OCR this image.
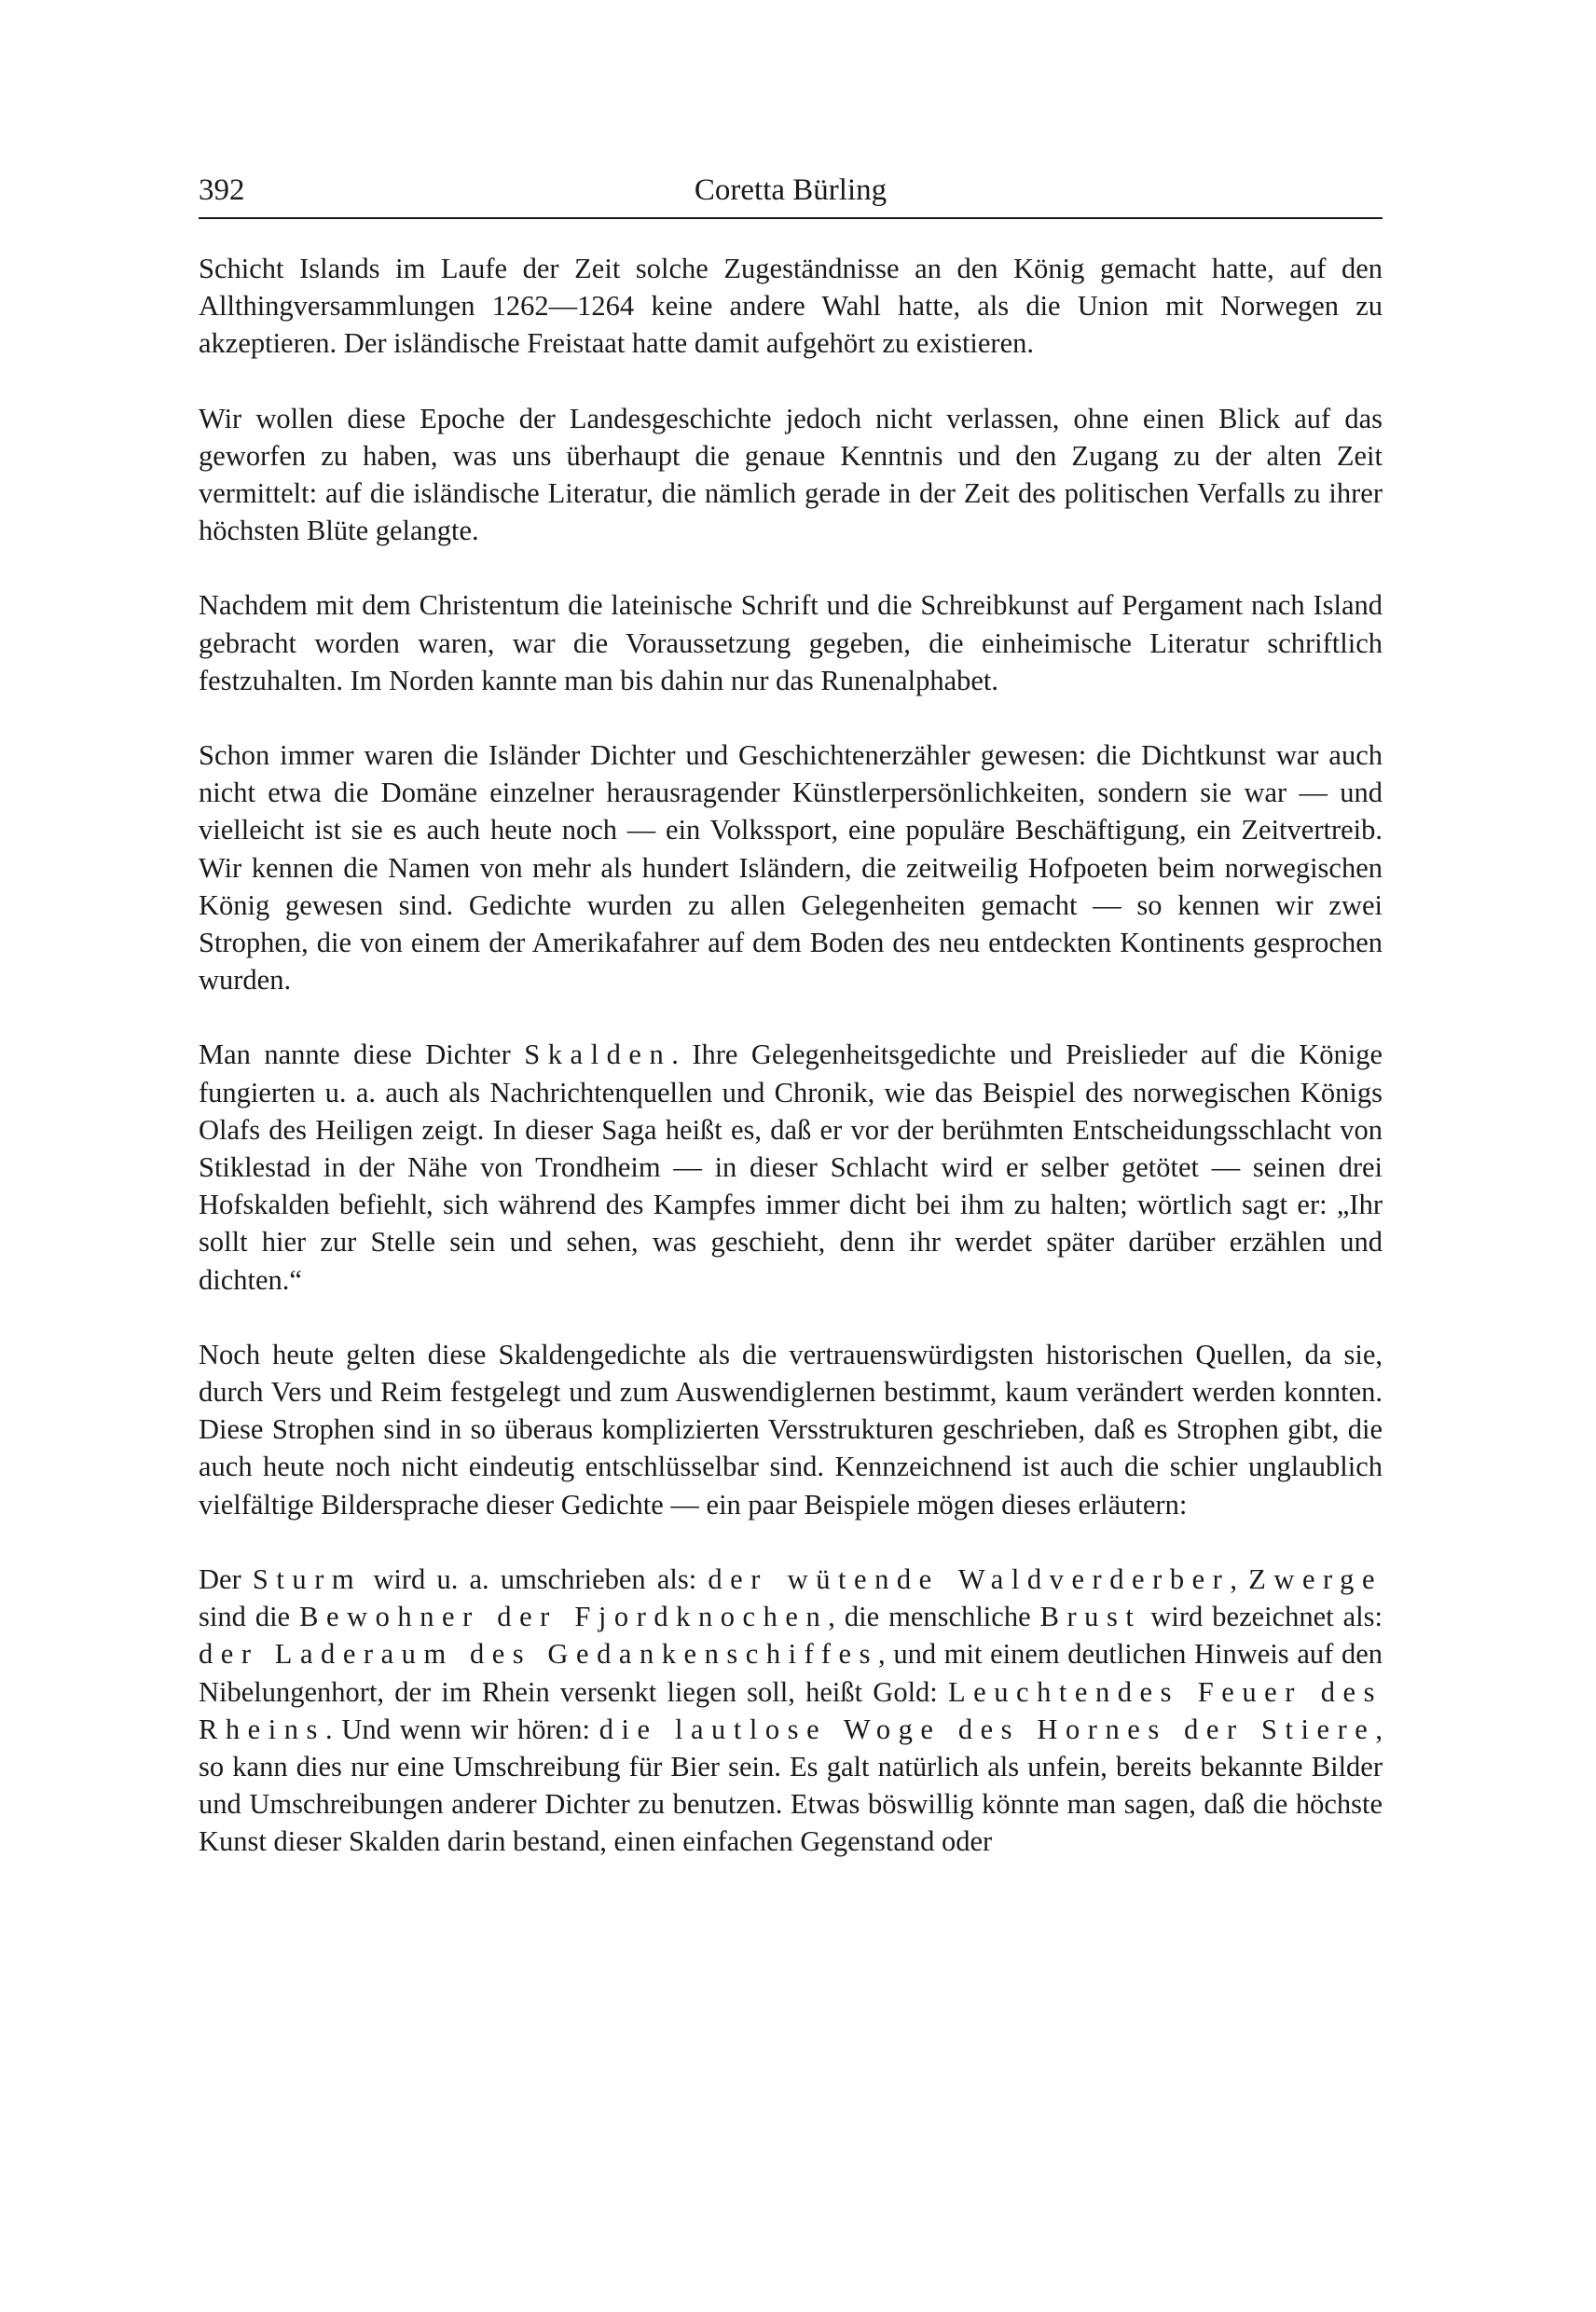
392	Coretta Bürling

Schicht Islands im Laufe der Zeit solche Zugeständnisse an den König gemacht hatte, auf den Allthingversammlungen 1262—1264 keine andere Wahl hatte, als die Union mit Norwegen zu akzeptieren. Der isländische Freistaat hatte damit aufgehört zu existieren.

Wir wollen diese Epoche der Landesgeschichte jedoch nicht verlassen, ohne einen Blick auf das geworfen zu haben, was uns überhaupt die genaue Kenntnis und den Zugang zu der alten Zeit vermittelt: auf die isländische Literatur, die nämlich gerade in der Zeit des politischen Verfalls zu ihrer höchsten Blüte gelangte.

Nachdem mit dem Christentum die lateinische Schrift und die Schreibkunst auf Pergament nach Island gebracht worden waren, war die Voraussetzung gegeben, die einheimische Literatur schriftlich festzuhalten. Im Norden kannte man bis dahin nur das Runenalphabet.

Schon immer waren die Isländer Dichter und Geschichtenerzähler gewesen: die Dichtkunst war auch nicht etwa die Domäne einzelner herausragender Künstlerpersönlichkeiten, sondern sie war — und vielleicht ist sie es auch heute noch — ein Volkssport, eine populäre Beschäftigung, ein Zeitvertreib. Wir kennen die Namen von mehr als hundert Isländern, die zeitweilig Hofpoeten beim norwegischen König gewesen sind. Gedichte wurden zu allen Gelegenheiten gemacht — so kennen wir zwei Strophen, die von einem der Amerikafahrer auf dem Boden des neu entdeckten Kontinents gesprochen wurden.

Man nannte diese Dichter Skalden. Ihre Gelegenheitsgedichte und Preislieder auf die Könige fungierten u. a. auch als Nachrichtenquellen und Chronik, wie das Beispiel des norwegischen Königs Olafs des Heiligen zeigt. In dieser Saga heißt es, daß er vor der berühmten Entscheidungsschlacht von Stiklestad in der Nähe von Trondheim — in dieser Schlacht wird er selber getötet — seinen drei Hofskalden befiehlt, sich während des Kampfes immer dicht bei ihm zu halten; wörtlich sagt er: „Ihr sollt hier zur Stelle sein und sehen, was geschieht, denn ihr werdet später darüber erzählen und dichten.“

Noch heute gelten diese Skaldengedichte als die vertrauenswürdigsten historischen Quellen, da sie, durch Vers und Reim festgelegt und zum Auswendiglernen bestimmt, kaum verändert werden konnten. Diese Strophen sind in so überaus komplizierten Versstrukturen geschrieben, daß es Strophen gibt, die auch heute noch nicht eindeutig entschlüsselbar sind. Kennzeichnend ist auch die schier unglaublich vielfältige Bildersprache dieser Gedichte — ein paar Beispiele mögen dieses erläutern:

Der Sturm wird u. a. umschrieben als: der wütende Waldverderber, Zwerge sind die Bewohner der Fjordknochen, die menschliche Brust wird bezeichnet als: der Laderaum des Gedankenschiffes, und mit einem deutlichen Hinweis auf den Nibelungenhort, der im Rhein versenkt liegen soll, heißt Gold: Leuchtendes Feuer des Rheins. Und wenn wir hören: die lautlose Woge des Hornes der Stiere, so kann dies nur eine Umschreibung für Bier sein. Es galt natürlich als unfein, bereits bekannte Bilder und Umschreibungen anderer Dichter zu benutzen. Etwas böswillig könnte man sagen, daß die höchste Kunst dieser Skalden darin bestand, einen einfachen Gegenstand oder
